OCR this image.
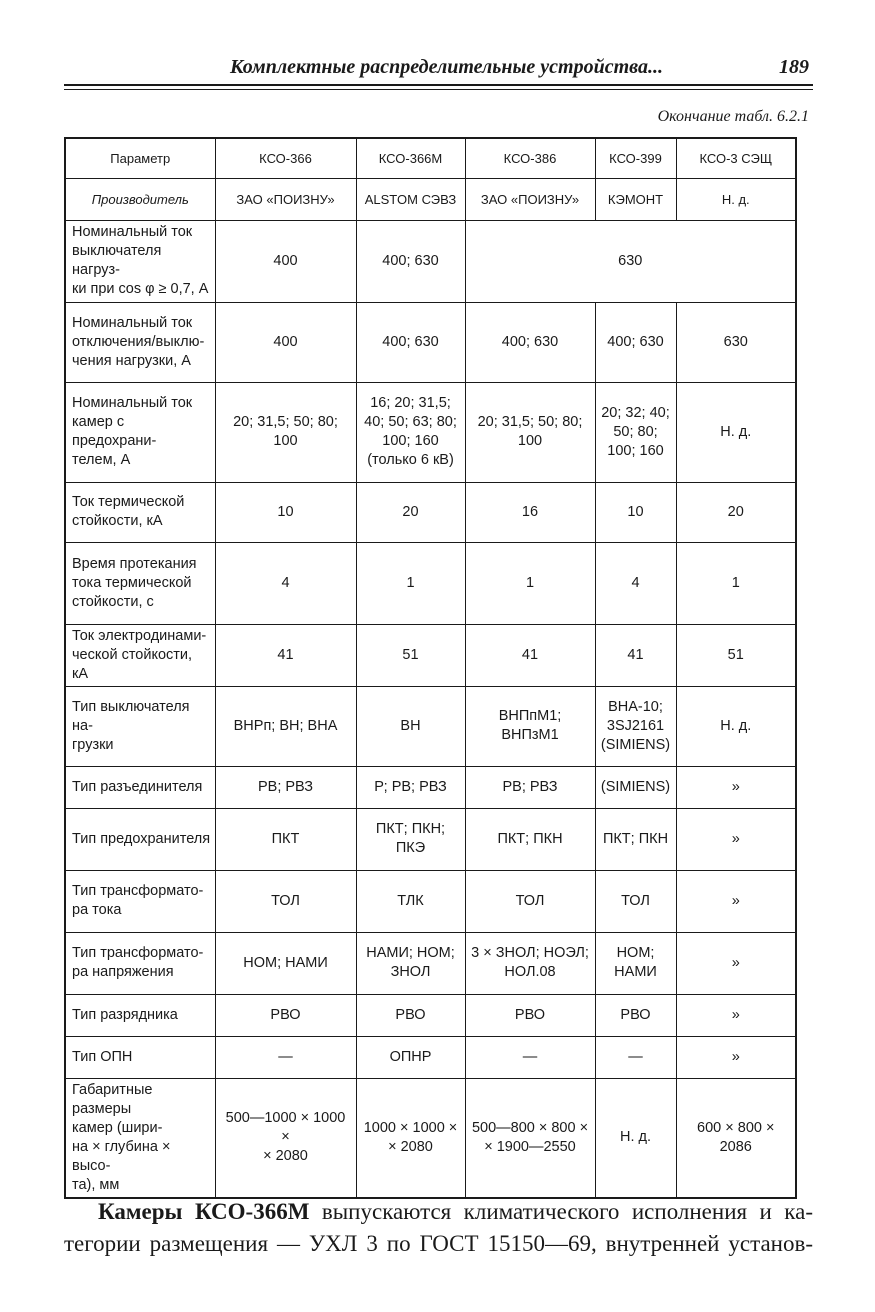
Комплектные распределительные устройства...	189
Окончание табл. 6.2.1
Параметр	КСО-366	КСО-366М	КСО-386	КСО-399	КСО-3 СЭЩ
Производитель	ЗАО «ПОИЗНУ»	ALSTOM СЭВЗ	ЗАО «ПОИЗНУ»	КЭМОНТ	Н. д.

Номинальный ток
выключателя нагруз-
ки при cos φ ≥ 0,7, А	400	400; 630	630		

Номинальный ток
отключения/выклю-
чения нагрузки, А	400	400; 630	400; 630	400; 630	630

Номинальный ток
камер с предохрани-
телем, А	20; 31,5; 50; 80; 100	16; 20; 31,5;
40; 50; 63; 80;
100; 160
(только 6 кВ)	20; 31,5; 50; 80;
100	20; 32; 40;
50; 80;
100; 160	Н. д.

Ток термической
стойкости, кА	10	20	16	10	20

Время протекания
тока термической
стойкости, с	4	1	1	4	1

Ток электродинами-
ческой стойкости, кА	41	51	41	41	51

Тип выключателя на-
грузки	ВНРп; ВН; ВНА	ВН	ВНПпМ1;
ВНПзМ1	ВНА-10;
3SJ2161
(SIMIENS)	Н. д.

Тип разъединителя	РВ; РВЗ	Р; РВ; РВЗ	РВ; РВЗ	(SIMIENS)	»

Тип предохранителя	ПКТ	ПКТ; ПКН;
ПКЭ	ПКТ; ПКН	ПКТ; ПКН	»

Тип трансформато-
ра тока	ТОЛ	ТЛК	ТОЛ	ТОЛ	»

Тип трансформато-
ра напряжения	НОМ; НАМИ	НАМИ; НОМ;
ЗНОЛ	3 × ЗНОЛ; НОЭЛ;
НОЛ.08	НОМ;
НАМИ	»

Тип разрядника	РВО	РВО	РВО	РВО	»

Тип ОПН	—	ОПНР	—	—	»

Габаритные размеры
камер (шири-
на × глубина × высо-
та), мм	500—1000 × 1000 ×
× 2080	1000 × 1000 ×
× 2080	500—800 × 800 ×
× 1900—2550	Н. д.	600 × 800 × 2086
Камеры КСО-366М выпускаются климатического исполнения и ка-
тегории размещения — УХЛ 3 по ГОСТ 15150—69, внутренней установ-
